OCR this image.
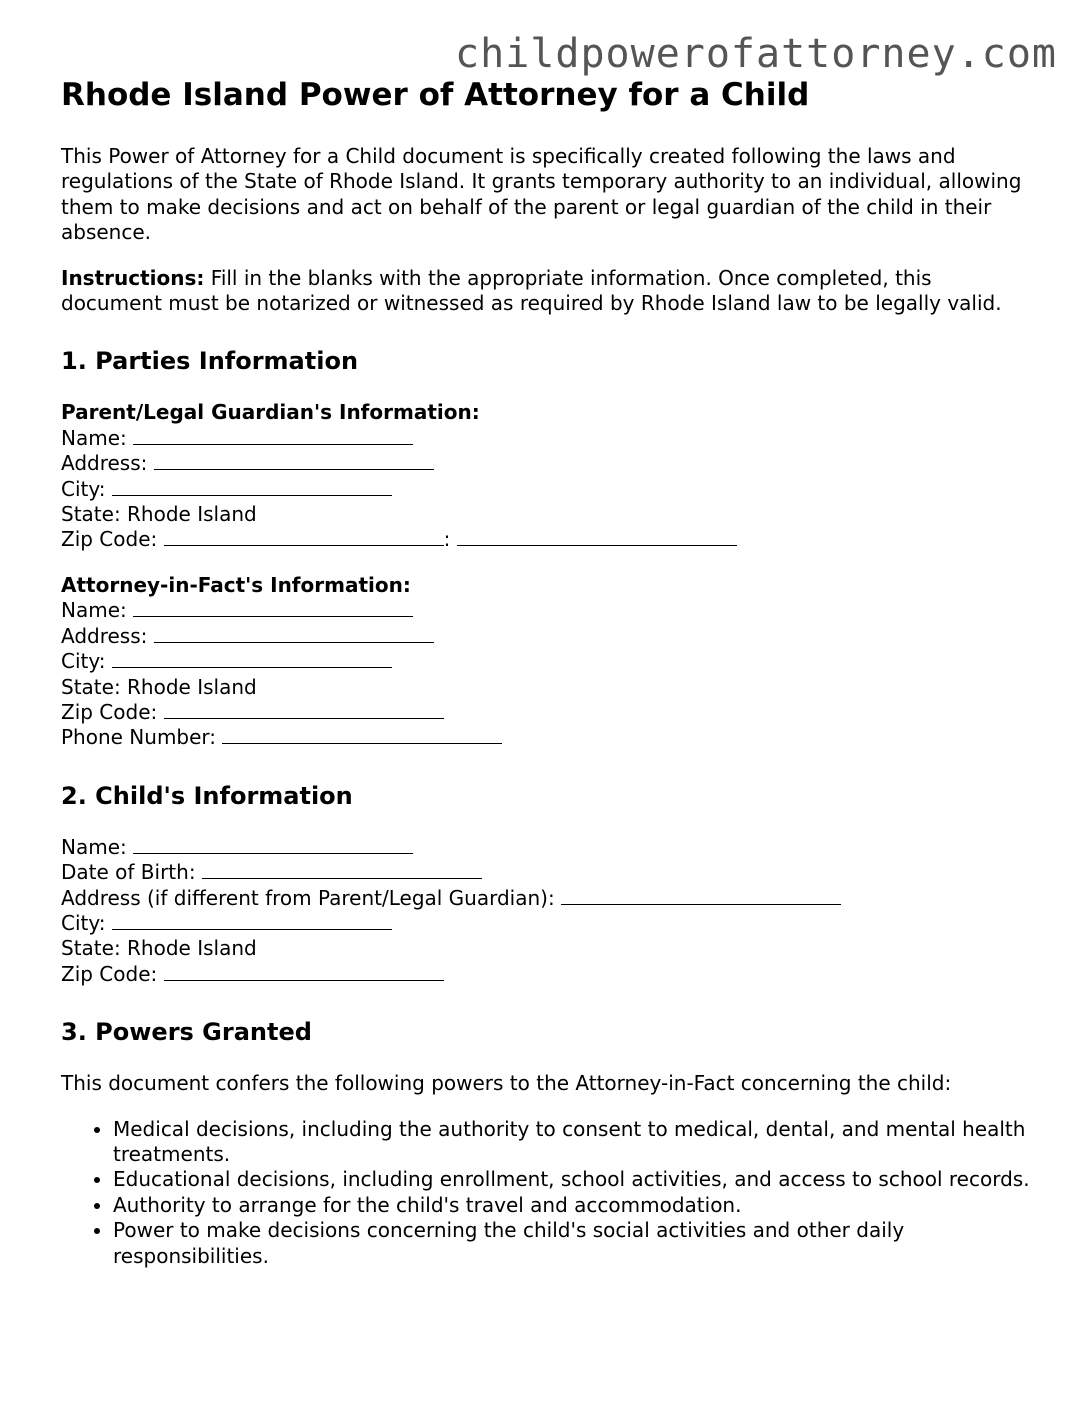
childpowerofattorney.com
Rhode Island Power of Attorney for a Child

This Power of Attorney for a Child document is specifically created following the laws and regulations of the State of Rhode Island. It grants temporary authority to an individual, allowing them to make decisions and act on behalf of the parent or legal guardian of the child in their absence.

Instructions: Fill in the blanks with the appropriate information. Once completed, this document must be notarized or witnessed as required by Rhode Island law to be legally valid.

1. Parties Information
Parent/Legal Guardian's Information:
Name:
Address:
City:
State: Rhode Island
Zip Code:	:
Attorney-in-Fact's Information:
Name:
Address:
City:
State: Rhode Island
Zip Code:
Phone Number:
2. Child's Information
Name:
Date of Birth:
Address (if different from Parent/Legal Guardian):
City:
State: Rhode Island
Zip Code:
3. Powers Granted

This document confers the following powers to the Attorney-in-Fact concerning the child:

• Medical decisions, including the authority to consent to medical, dental, and mental health treatments.
• Educational decisions, including enrollment, school activities, and access to school records.
• Authority to arrange for the child's travel and accommodation.
• Power to make decisions concerning the child's social activities and other daily responsibilities.
